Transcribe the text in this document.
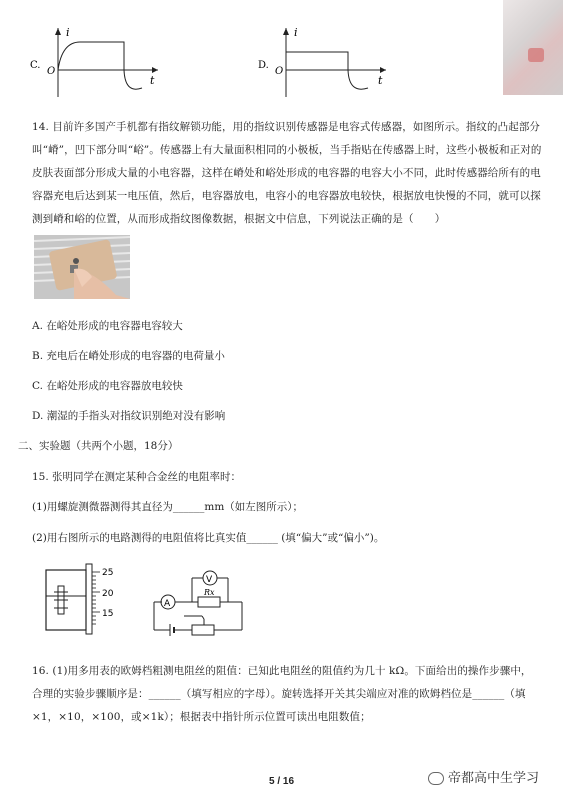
i
t
O
C.
i
t
O
D.
14. 目前许多国产手机都有指纹解锁功能，用的指纹识别传感器是电容式传感器，如图所示。指纹的凸起部分叫“嵴”，凹下部分叫“峪”。传感器上有大量面积相同的小极板，当手指贴在传感器上时，这些小极板和正对的皮肤表面部分形成大量的小电容器，这样在嵴处和峪处形成的电容器的电容大小不同，此时传感器给所有的电容器充电后达到某一电压值，然后，电容器放电，电容小的电容器放电较快，根据放电快慢的不同，就可以探测到嵴和峪的位置，从而形成指纹图像数据，根据文中信息，下列说法正确的是（　　）
A. 在峪处形成的电容器电容较大
B. 充电后在嵴处形成的电容器的电荷量小
C. 在峪处形成的电容器放电较快
D. 潮湿的手指头对指纹识别绝对没有影响
二、实验题（共两个小题，18分）
15. 张明同学在测定某种合金丝的电阻率时：
(1)用螺旋测微器测得其直径为______mm（如左图所示）；
(2)用右图所示的电路测得的电阻值将比真实值______ (填“偏大”或“偏小”)。
25
20
15
A
V
Rx
16. (1)用多用表的欧姆档粗测电阻丝的阻值：已知此电阻丝的阻值约为几十 kΩ。下面给出的操作步骤中，合理的实验步骤顺序是：______（填写相应的字母）。旋转选择开关其尖端应对准的欧姆档位是______（填×1，×10，×100，或×1k）；根据表中指针所示位置可读出电阻数值；
5 / 16	帝都高中生学习
